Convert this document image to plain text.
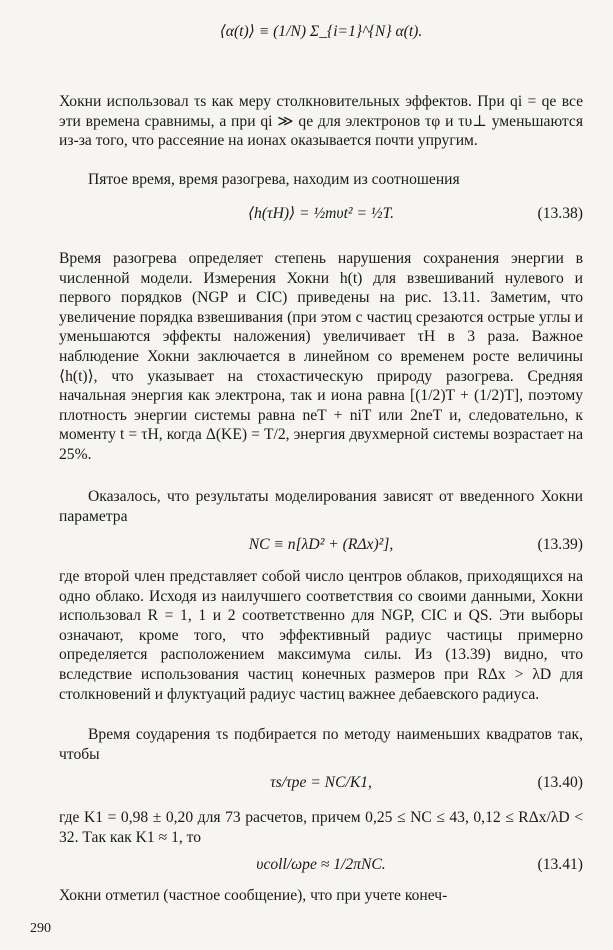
⟨α(t)⟩ ≡ (1/N) Σ_{i=1}^{N} α(t).

Хокни использовал τs как меру столкновительных эффектов. При qi = qe все эти времена сравнимы, а при qi ≫ qe для электронов τφ и τυ⊥ уменьшаются из-за того, что рассеяние на ионах оказывается почти упругим.

Пятое время, время разогрева, находим из соотношения

⟨h(τH)⟩ = ½mυt² = ½T.	(13.38)

Время разогрева определяет степень нарушения сохранения энергии в численной модели. Измерения Хокни h(t) для взвешиваний нулевого и первого порядков (NGP и CIC) приведены на рис. 13.11. Заметим, что увеличение порядка взвешивания (при этом с частиц срезаются острые углы и уменьшаются эффекты наложения) увеличивает τH в 3 раза. Важное наблюдение Хокни заключается в линейном со временем росте величины ⟨h(t)⟩, что указывает на стохастическую природу разогрева. Средняя начальная энергия как электрона, так и иона равна [(1/2)T + (1/2)T], поэтому плотность энергии системы равна neT + niT или 2neT и, следовательно, к моменту t = τH, когда Δ(KE) = T/2, энергия двухмерной системы возрастает на 25%.

Оказалось, что результаты моделирования зависят от введенного Хокни параметра

NC ≡ n[λD² + (RΔx)²],	(13.39)

где второй член представляет собой число центров облаков, приходящихся на одно облако. Исходя из наилучшего соответствия со своими данными, Хокни использовал R = 1, 1 и 2 соответственно для NGP, CIC и QS. Эти выборы означают, кроме того, что эффективный радиус частицы примерно определяется расположением максимума силы. Из (13.39) видно, что вследствие использования частиц конечных размеров при RΔx > λD для столкновений и флуктуаций радиус частиц важнее дебаевского радиуса.

Время соударения τs подбирается по методу наименьших квадратов так, чтобы

τs/τpe = NC/K1,	(13.40)

где K1 = 0,98 ± 0,20 для 73 расчетов, причем 0,25 ≤ NC ≤ 43, 0,12 ≤ RΔx/λD < 32. Так как K1 ≈ 1, то

υcoll/ωpe ≈ 1/2πNC.	(13.41)

Хокни отметил (частное сообщение), что при учете конеч-

290
